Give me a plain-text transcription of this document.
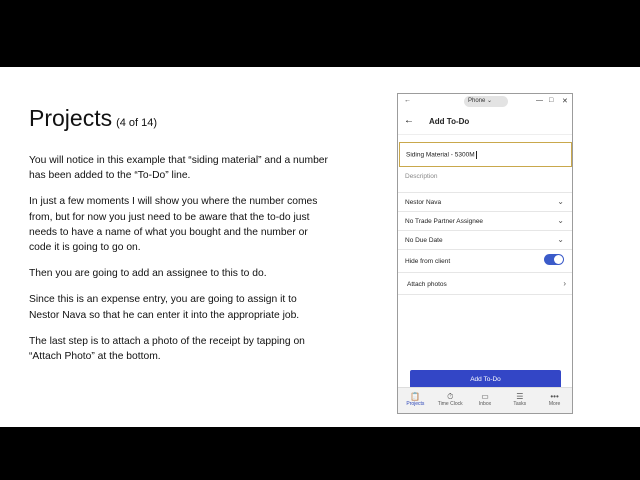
Projects (4 of 14)

You will notice in this example that “siding material” and a number has been added to the “To-Do” line.

In just a few moments I will show you where the number comes from, but for now you just need to be aware that the to-do just needs to have a name of what you bought and the number or code it is going to go on.

Then you are going to add an assignee to this to do.

Since this is an expense entry, you are going to assign it to Nestor Nava so that he can enter it into the appropriate job.

The last step is to attach a photo of the receipt by tapping on “Attach Photo” at the bottom.

←	Phone ⌄	— □ ✕
← Add To-Do
Siding Material - 5300M
Description
Nestor Nava	⌄
No Trade Partner Assignee	⌄
No Due Date	⌄
Hide from client
Attach photos	›
Add To-Do
📋
Projects
⏱
Time Clock
▭
Inbox
☰
Tasks
•••
More
